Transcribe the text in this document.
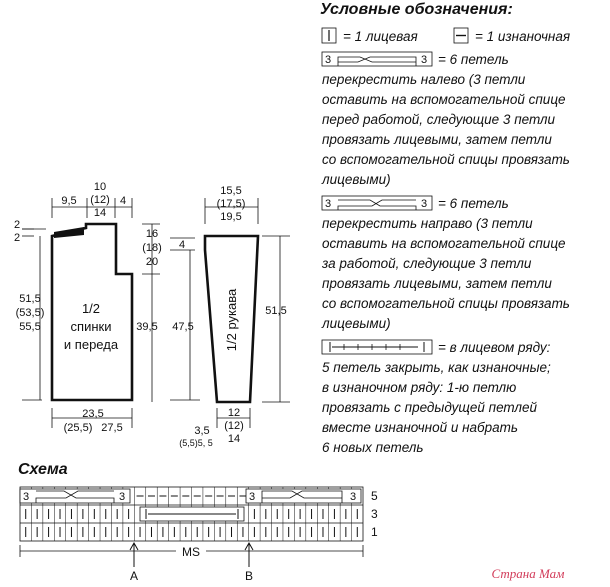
Условные обозначения:
= 1 лицевая	= 1 изнаночная
3	3 = 6 петель
перекрестить налево (3 петли
оставить на вспомогательной спице
перед работой, следующие 3 петли
провязать лицевыми, затем петли
со вспомогательной спицы провязать
лицевыми)
3	3 = 6 петель
перекрестить направо (3 петли
оставить на вспомогательной спице
за работой, следующие 3 петли
провязать лицевыми, затем петли
со вспомогательной спицы провязать
лицевыми)
= в лицевом ряду:
5 петель закрыть, как изнаночные;
в изнаночном ряду: 1-ю петлю
провязать с предыдущей петлей
вместе изнаночной и набрать
6 новых петель
1/2
спинки
и переда
9,5
10
(12)
14
4
2
2	16
(18)
20
51,5
(53,5)
55,5	39,5
23,5
(25,5) 27,5
1/2 рукава
15,5
(17,5)
19,5
4
47,5
51,5
12
(12)
14
3,5
(5,5)5, 5
Схема
3	3	3	3 5
3
1
MS
A	B	Страна Мам
